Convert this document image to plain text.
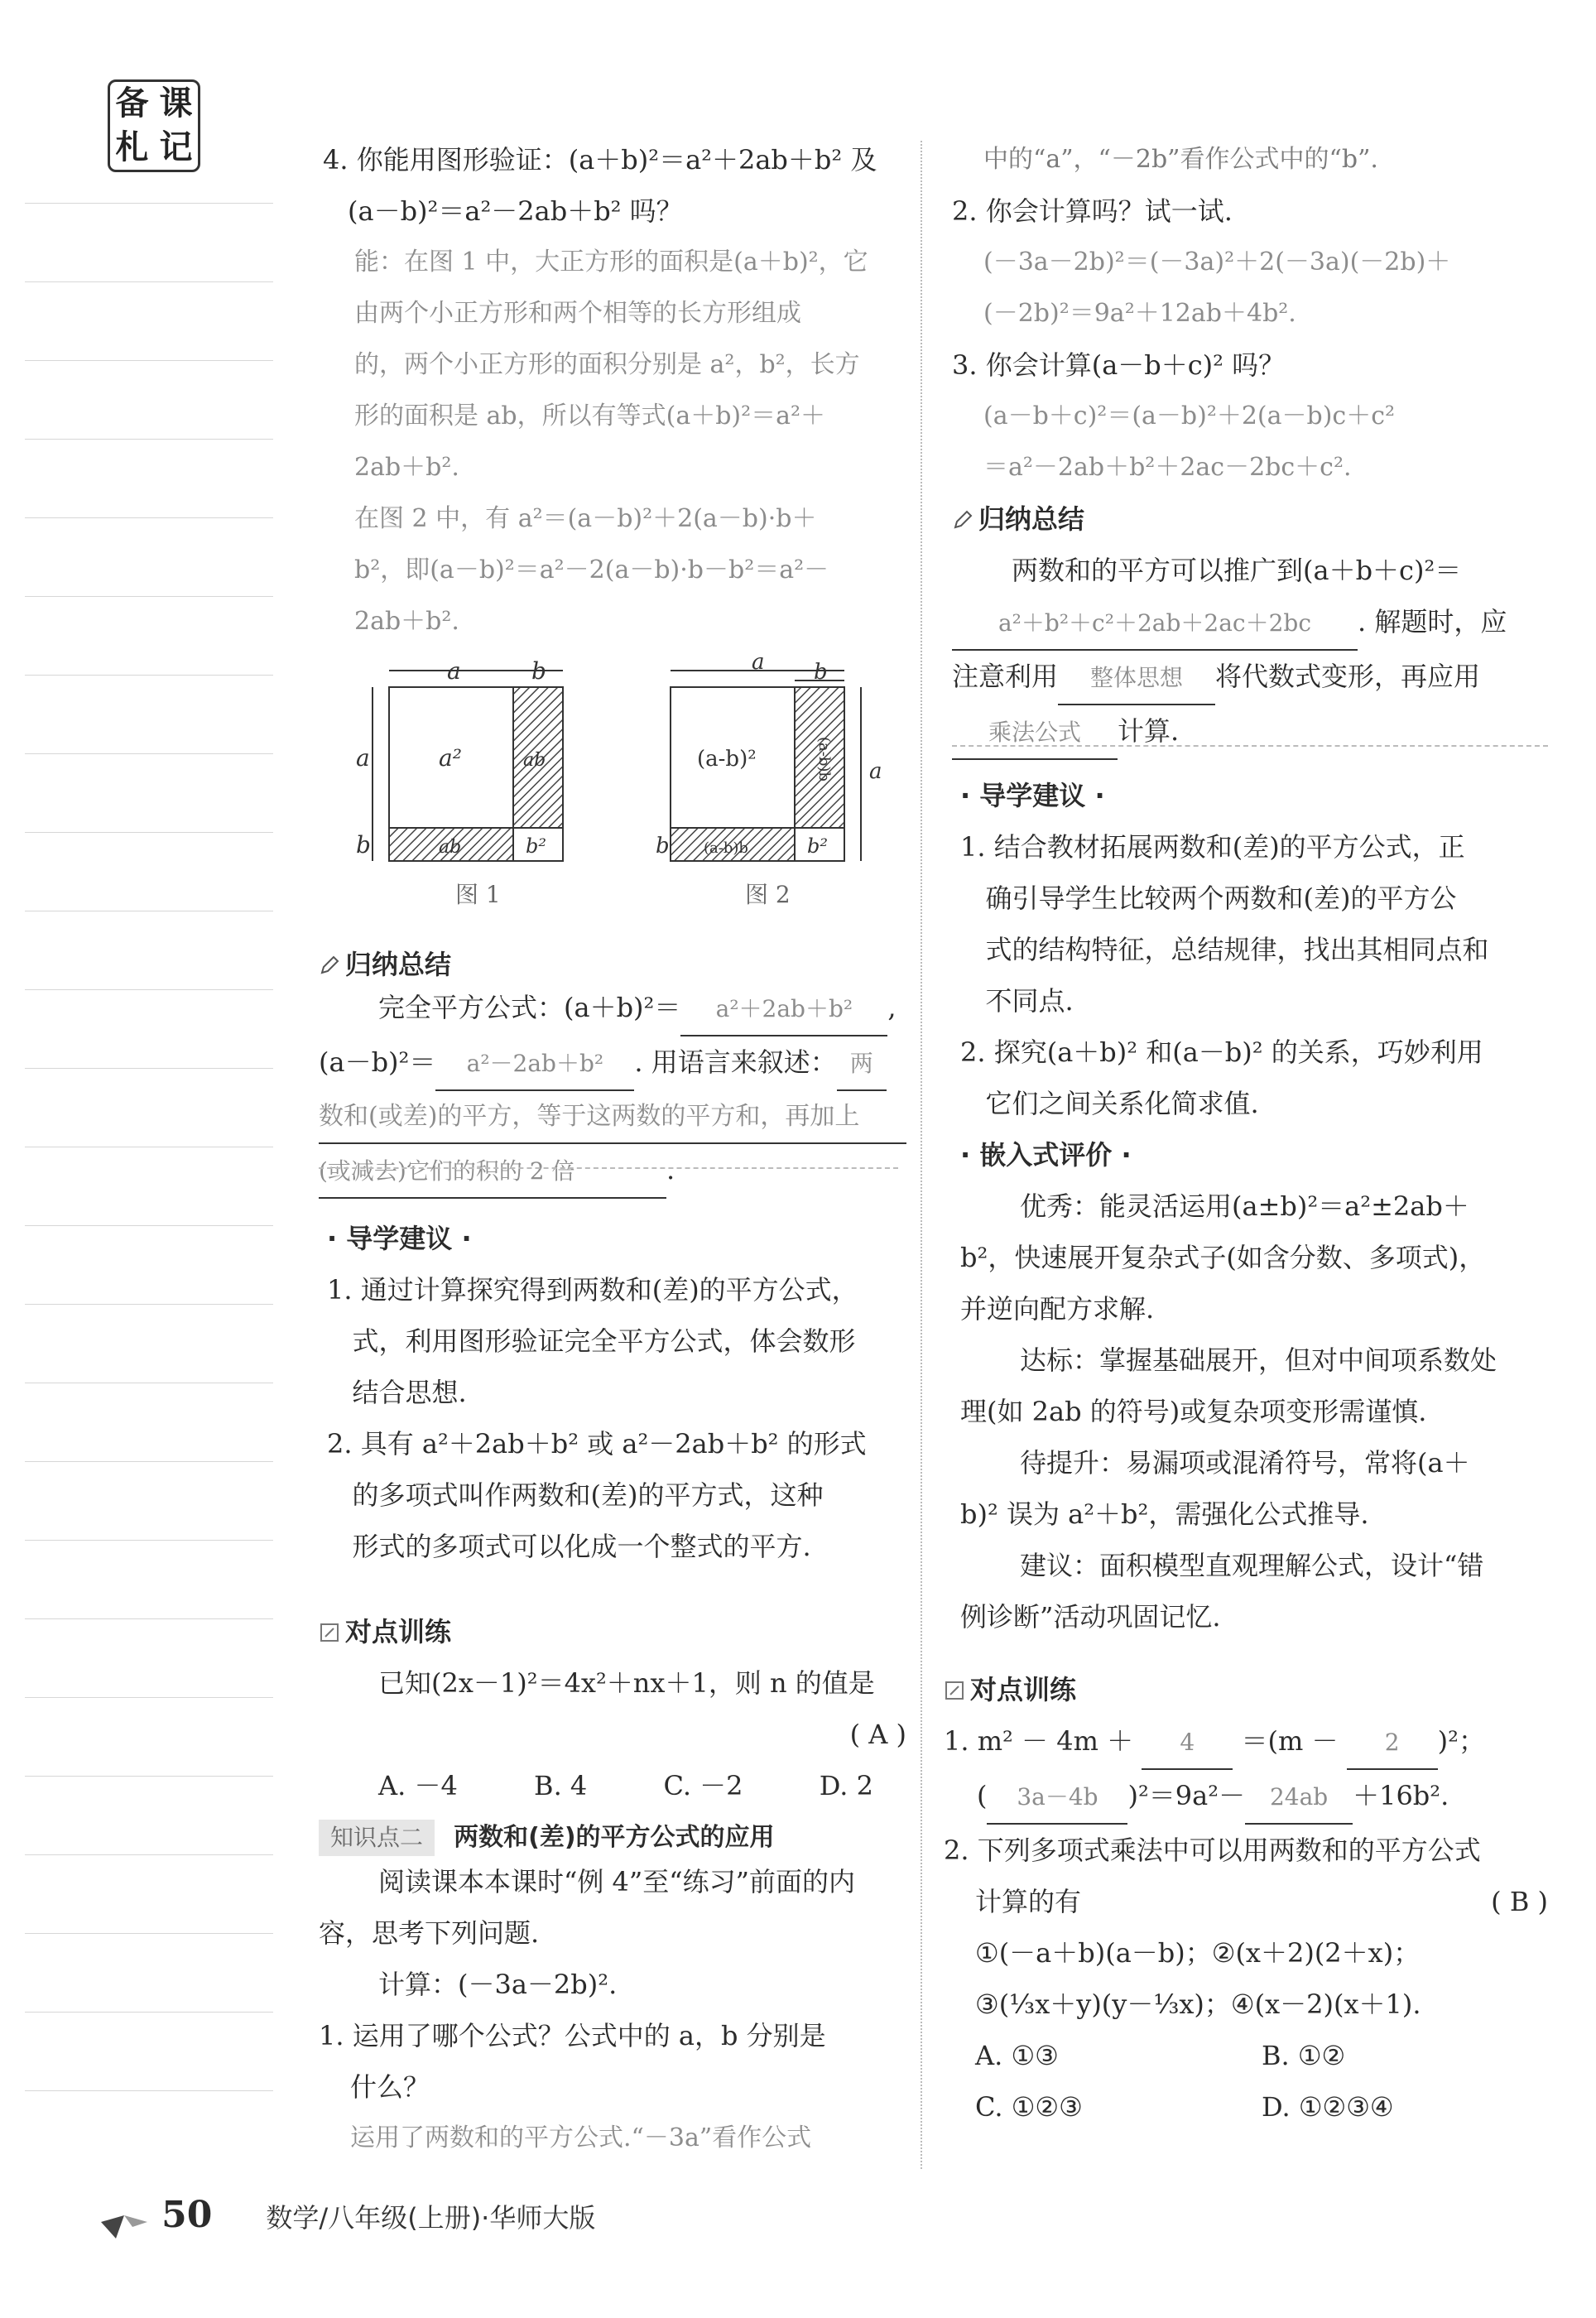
备 课
札 记	4. 你能用图形验证：(a＋b)²＝a²＋2ab＋b² 及
(a－b)²＝a²－2ab＋b² 吗？
能：在图 1 中，大正方形的面积是(a＋b)²，它
由两个小正方形和两个相等的长方形组成
的，两个小正方形的面积分别是 a²，b²，长方
形的面积是 ab，所以有等式(a＋b)²＝a²＋
2ab＋b².
在图 2 中，有 a²＝(a－b)²＋2(a－b)·b＋
b²，即(a－b)²＝a²－2(a－b)·b－b²＝a²－
2ab＋b².
a	b
a
b
a²	ab
ab	b²
图 1
a b
a
b
(a-b)²	(a-b)b
(a-b)b	b²
图 2
归纳总结
完全平方公式：(a＋b)²＝ a²＋2ab＋b² ,
(a－b)²＝ a²－2ab＋b² . 用语言来叙述： 两
数和(或差)的平方，等于这两数的平方和，再加上
(或减去)它们的积的 2 倍	.
· 导学建议 ·
1. 通过计算探究得到两数和(差)的平方公式，
式，利用图形验证完全平方公式，体会数形
结合思想.
2. 具有 a²＋2ab＋b² 或 a²－2ab＋b² 的形式
的多项式叫作两数和(差)的平方式，这种
形式的多项式可以化成一个整式的平方.
对点训练
已知(2x－1)²＝4x²＋nx＋1，则 n 的值是
( A )
A. －4	B. 4	C. －2	D. 2
知识点二 两数和(差)的平方公式的应用
阅读课本本课时“例 4”至“练习”前面的内
容，思考下列问题.
计算：(－3a－2b)².
1. 运用了哪个公式？公式中的 a，b 分别是
什么？
运用了两数和的平方公式.“－3a”看作公式
中的“a”，“－2b”看作公式中的“b”.
2. 你会计算吗？试一试.
(－3a－2b)²＝(－3a)²＋2(－3a)(－2b)＋
(－2b)²＝9a²＋12ab＋4b².
3. 你会计算(a－b＋c)² 吗？
(a－b＋c)²＝(a－b)²＋2(a－b)c＋c²
＝a²－2ab＋b²＋2ac－2bc＋c².
归纳总结
两数和的平方可以推广到(a＋b＋c)²＝
a²＋b²＋c²＋2ab＋2ac＋2bc . 解题时，应
注意利用 整体思想 将代数式变形，再应用
乘法公式 计算.
· 导学建议 ·
1. 结合教材拓展两数和(差)的平方公式，正
确引导学生比较两个两数和(差)的平方公
式的结构特征，总结规律，找出其相同点和
不同点.
2. 探究(a＋b)² 和(a－b)² 的关系，巧妙利用
它们之间关系化简求值.
· 嵌入式评价 ·
优秀：能灵活运用(a±b)²＝a²±2ab＋
b²，快速展开复杂式子(如含分数、多项式)，
并逆向配方求解.
达标：掌握基础展开，但对中间项系数处
理(如 2ab 的符号)或复杂项变形需谨慎.
待提升：易漏项或混淆符号，常将(a＋
b)² 误为 a²＋b²，需强化公式推导.
建议：面积模型直观理解公式，设计“错
例诊断”活动巩固记忆.
对点训练
1. m² － 4m ＋ 4 ＝(m － 2 )²；
( 3a－4b )²＝9a²－ 24ab ＋16b².
2. 下列多项式乘法中可以用两数和的平方公式
计算的有	( B )
①(－a＋b)(a－b)；②(x＋2)(2＋x)；
③(⅓x＋y)(y－⅓x)；④(x－2)(x＋1).
A. ①③	B. ①②
C. ①②③	D. ①②③④
50 数学/八年级(上册)·华师大版
